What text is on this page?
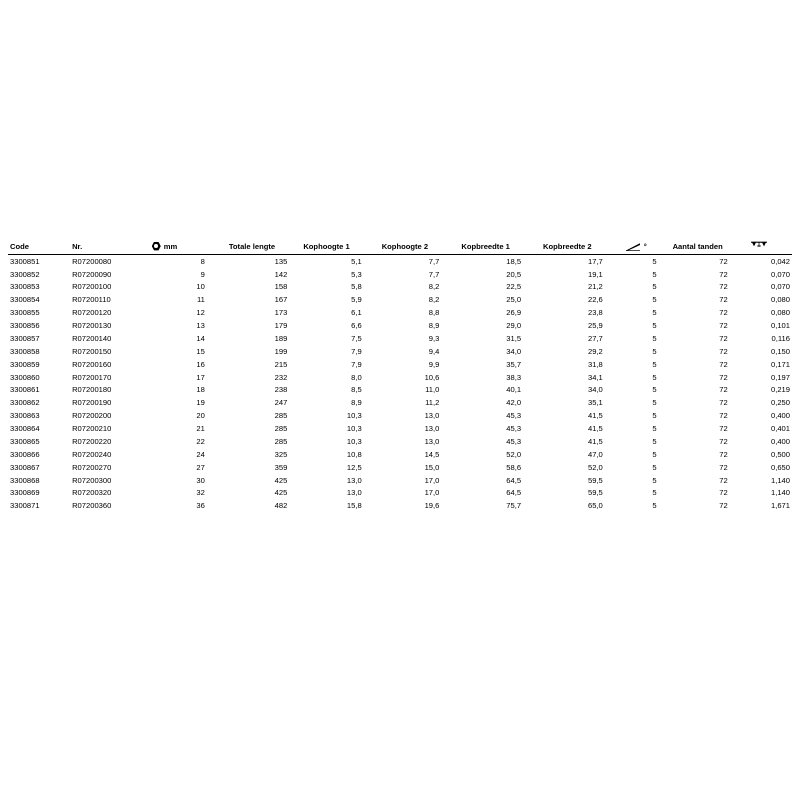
Code	Nr.	mm	Totale lengte	Kophoogte 1	Kophoogte 2	Kopbreedte 1	Kopbreedte 2	°	Aantal tanden	

3300851	R07200080	8	135	5,1	7,7	18,5	17,7	5	72	0,042
3300852	R07200090	9	142	5,3	7,7	20,5	19,1	5	72	0,070
3300853	R07200100	10	158	5,8	8,2	22,5	21,2	5	72	0,070
3300854	R07200110	11	167	5,9	8,2	25,0	22,6	5	72	0,080
3300855	R07200120	12	173	6,1	8,8	26,9	23,8	5	72	0,080
3300856	R07200130	13	179	6,6	8,9	29,0	25,9	5	72	0,101
3300857	R07200140	14	189	7,5	9,3	31,5	27,7	5	72	0,116
3300858	R07200150	15	199	7,9	9,4	34,0	29,2	5	72	0,150
3300859	R07200160	16	215	7,9	9,9	35,7	31,8	5	72	0,171
3300860	R07200170	17	232	8,0	10,6	38,3	34,1	5	72	0,197
3300861	R07200180	18	238	8,5	11,0	40,1	34,0	5	72	0,219
3300862	R07200190	19	247	8,9	11,2	42,0	35,1	5	72	0,250
3300863	R07200200	20	285	10,3	13,0	45,3	41,5	5	72	0,400
3300864	R07200210	21	285	10,3	13,0	45,3	41,5	5	72	0,401
3300865	R07200220	22	285	10,3	13,0	45,3	41,5	5	72	0,400
3300866	R07200240	24	325	10,8	14,5	52,0	47,0	5	72	0,500
3300867	R07200270	27	359	12,5	15,0	58,6	52,0	5	72	0,650
3300868	R07200300	30	425	13,0	17,0	64,5	59,5	5	72	1,140
3300869	R07200320	32	425	13,0	17,0	64,5	59,5	5	72	1,140
3300871	R07200360	36	482	15,8	19,6	75,7	65,0	5	72	1,671
